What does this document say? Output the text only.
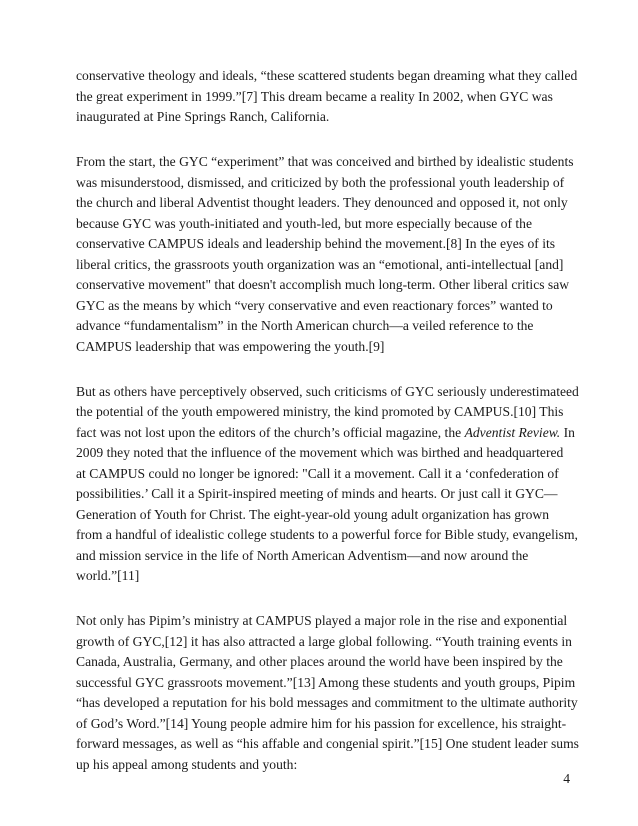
conservative theology and ideals, “these scattered students began dreaming what they called
the great experiment in 1999.”[7] This dream became a reality In 2002, when GYC was
inaugurated at Pine Springs Ranch, California.

From the start, the GYC “experiment” that was conceived and birthed by idealistic students
was misunderstood, dismissed, and criticized by both the professional youth leadership of
the church and liberal Adventist thought leaders. They denounced and opposed it, not only
because GYC was youth-initiated and youth-led, but more especially because of the
conservative CAMPUS ideals and leadership behind the movement.[8] In the eyes of its
liberal critics, the grassroots youth organization was an “emotional, anti-intellectual [and]
conservative movement" that doesn't accomplish much long-term. Other liberal critics saw
GYC as the means by which “very conservative and even reactionary forces” wanted to
advance “fundamentalism” in the North American church—a veiled reference to the
CAMPUS leadership that was empowering the youth.[9]

But as others have perceptively observed, such criticisms of GYC seriously underestimateed
the potential of the youth empowered ministry, the kind promoted by CAMPUS.[10] This
fact was not lost upon the editors of the church’s official magazine, the Adventist Review. In
2009 they noted that the influence of the movement which was birthed and headquartered
at CAMPUS could no longer be ignored: "Call it a movement. Call it a ‘confederation of
possibilities.’ Call it a Spirit-inspired meeting of minds and hearts. Or just call it GYC—
Generation of Youth for Christ. The eight-year-old young adult organization has grown
from a handful of idealistic college students to a powerful force for Bible study, evangelism,
and mission service in the life of North American Adventism—and now around the
world.”[11]

Not only has Pipim’s ministry at CAMPUS played a major role in the rise and exponential
growth of GYC,[12] it has also attracted a large global following. “Youth training events in
Canada, Australia, Germany, and other places around the world have been inspired by the
successful GYC grassroots movement.”[13] Among these students and youth groups, Pipim
“has developed a reputation for his bold messages and commitment to the ultimate authority
of God’s Word.”[14] Young people admire him for his passion for excellence, his straight-
forward messages, as well as “his affable and congenial spirit.”[15] One student leader sums
up his appeal among students and youth:

4
